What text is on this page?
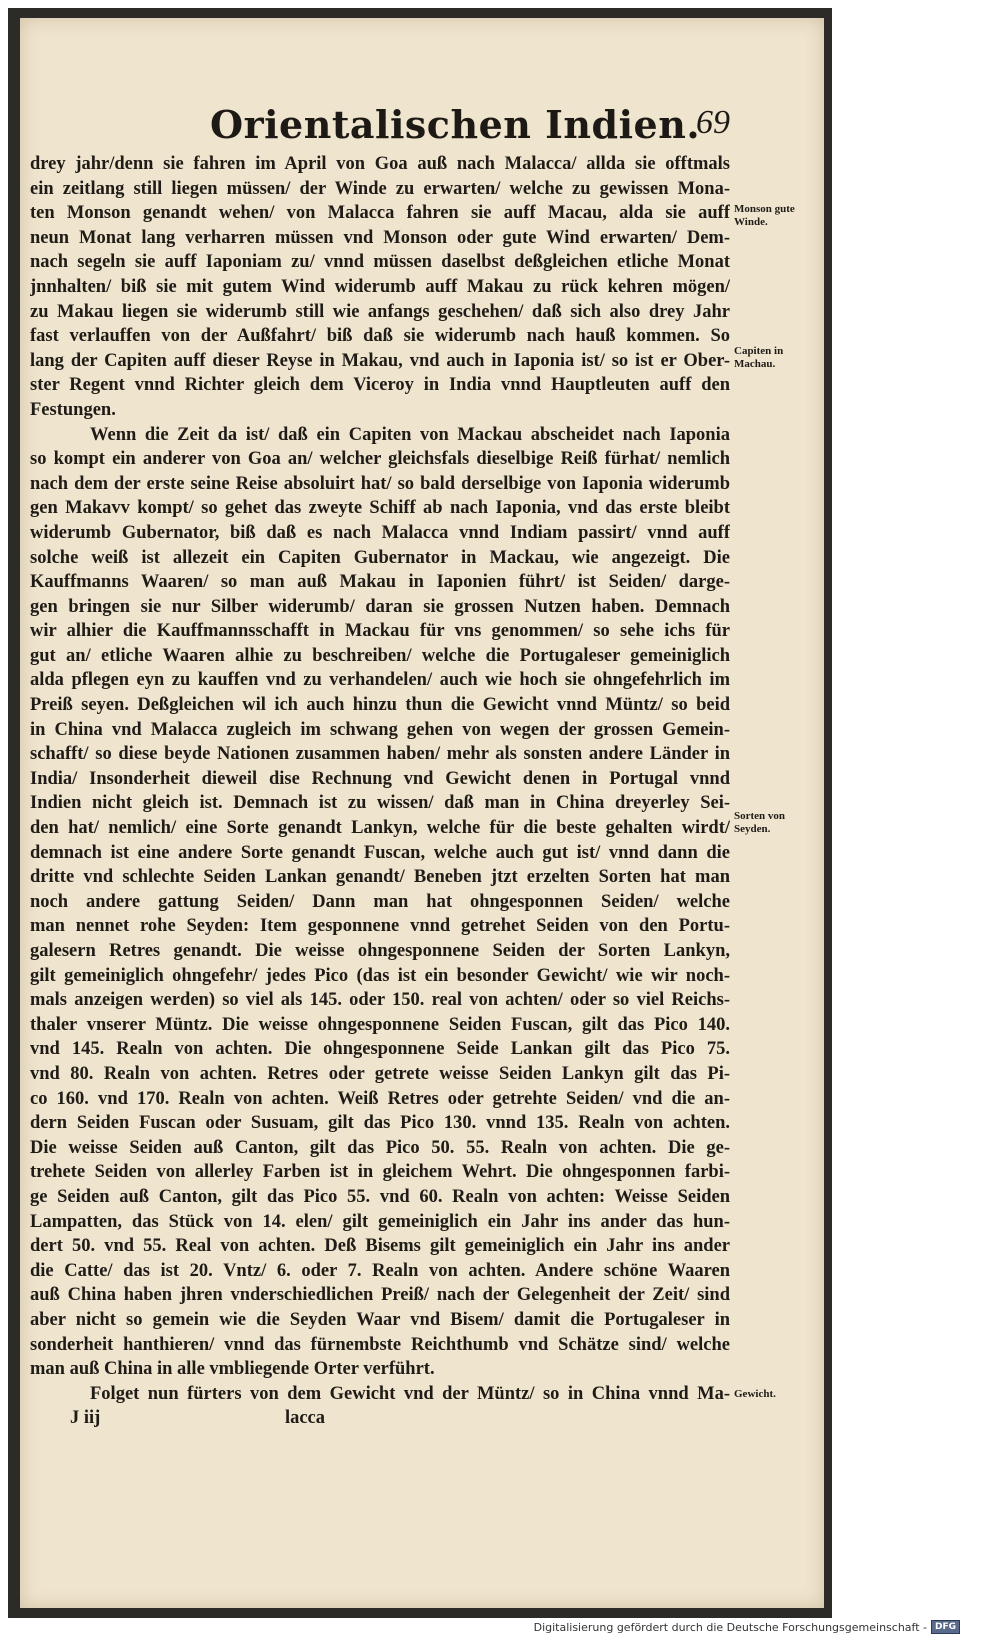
Orientalischen Indien.
69
drey jahr/denn sie fahren im April von Goa auß nach Malacca/ allda sie offtmals
ein zeitlang still liegen müssen/ der Winde zu erwarten/ welche zu gewissen Mona-
ten Monson genandt wehen/ von Malacca fahren sie auff Macau, alda sie auff
neun Monat lang verharren müssen vnd Monson oder gute Wind erwarten/ Dem-
nach segeln sie auff Iaponiam zu/ vnnd müssen daselbst deßgleichen etliche Monat
jnnhalten/ biß sie mit gutem Wind widerumb auff Makau zu rück kehren mögen/
zu Makau liegen sie widerumb still wie anfangs geschehen/ daß sich also drey Jahr
fast verlauffen von der Außfahrt/ biß daß sie widerumb nach hauß kommen. So
lang der Capiten auff dieser Reyse in Makau, vnd auch in Iaponia ist/ so ist er Ober-
ster Regent vnnd Richter gleich dem Viceroy in India vnnd Hauptleuten auff den
Festungen.
Wenn die Zeit da ist/ daß ein Capiten von Mackau abscheidet nach Iaponia
so kompt ein anderer von Goa an/ welcher gleichsfals dieselbige Reiß fürhat/ nemlich
nach dem der erste seine Reise absoluirt hat/ so bald derselbige von Iaponia widerumb
gen Makavv kompt/ so gehet das zweyte Schiff ab nach Iaponia, vnd das erste bleibt
widerumb Gubernator, biß daß es nach Malacca vnnd Indiam passirt/ vnnd auff
solche weiß ist allezeit ein Capiten Gubernator in Mackau, wie angezeigt. Die
Kauffmanns Waaren/ so man auß Makau in Iaponien führt/ ist Seiden/ darge-
gen bringen sie nur Silber widerumb/ daran sie grossen Nutzen haben. Demnach
wir alhier die Kauffmannsschafft in Mackau für vns genommen/ so sehe ichs für
gut an/ etliche Waaren alhie zu beschreiben/ welche die Portugaleser gemeiniglich
alda pflegen eyn zu kauffen vnd zu verhandelen/ auch wie hoch sie ohngefehrlich im
Preiß seyen. Deßgleichen wil ich auch hinzu thun die Gewicht vnnd Müntz/ so beid
in China vnd Malacca zugleich im schwang gehen von wegen der grossen Gemein-
schafft/ so diese beyde Nationen zusammen haben/ mehr als sonsten andere Länder in
India/ Insonderheit dieweil dise Rechnung vnd Gewicht denen in Portugal vnnd
Indien nicht gleich ist. Demnach ist zu wissen/ daß man in China dreyerley Sei-
den hat/ nemlich/ eine Sorte genandt Lankyn, welche für die beste gehalten wirdt/
demnach ist eine andere Sorte genandt Fuscan, welche auch gut ist/ vnnd dann die
dritte vnd schlechte Seiden Lankan genandt/ Beneben jtzt erzelten Sorten hat man
noch andere gattung Seiden/ Dann man hat ohngesponnen Seiden/ welche
man nennet rohe Seyden: Item gesponnene vnnd getrehet Seiden von den Portu-
galesern Retres genandt. Die weisse ohngesponnene Seiden der Sorten Lankyn,
gilt gemeiniglich ohngefehr/ jedes Pico (das ist ein besonder Gewicht/ wie wir noch-
mals anzeigen werden) so viel als 145. oder 150. real von achten/ oder so viel Reichs-
thaler vnserer Müntz. Die weisse ohngesponnene Seiden Fuscan, gilt das Pico 140.
vnd 145. Realn von achten. Die ohngesponnene Seide Lankan gilt das Pico 75.
vnd 80. Realn von achten. Retres oder getrete weisse Seiden Lankyn gilt das Pi-
co 160. vnd 170. Realn von achten. Weiß Retres oder getrehte Seiden/ vnd die an-
dern Seiden Fuscan oder Susuam, gilt das Pico 130. vnnd 135. Realn von achten.
Die weisse Seiden auß Canton, gilt das Pico 50. 55. Realn von achten. Die ge-
trehete Seiden von allerley Farben ist in gleichem Wehrt. Die ohngesponnen farbi-
ge Seiden auß Canton, gilt das Pico 55. vnd 60. Realn von achten: Weisse Seiden
Lampatten, das Stück von 14. elen/ gilt gemeiniglich ein Jahr ins ander das hun-
dert 50. vnd 55. Real von achten. Deß Bisems gilt gemeiniglich ein Jahr ins ander
die Catte/ das ist 20. Vntz/ 6. oder 7. Realn von achten. Andere schöne Waaren
auß China haben jhren vnderschiedlichen Preiß/ nach der Gelegenheit der Zeit/ sind
aber nicht so gemein wie die Seyden Waar vnd Bisem/ damit die Portugaleser in
sonderheit hanthieren/ vnnd das fürnembste Reichthumb vnd Schätze sind/ welche
man auß China in alle vmbliegende Orter verführt.
Folget nun fürters von dem Gewicht vnd der Müntz/ so in China vnnd Ma-
J iij	lacca
Monson gute
Winde.
Capiten in
Machau.
Sorten von
Seyden.
Gewicht.
Digitalisierung gefördert durch die Deutsche Forschungsgemeinschaft - DFG
